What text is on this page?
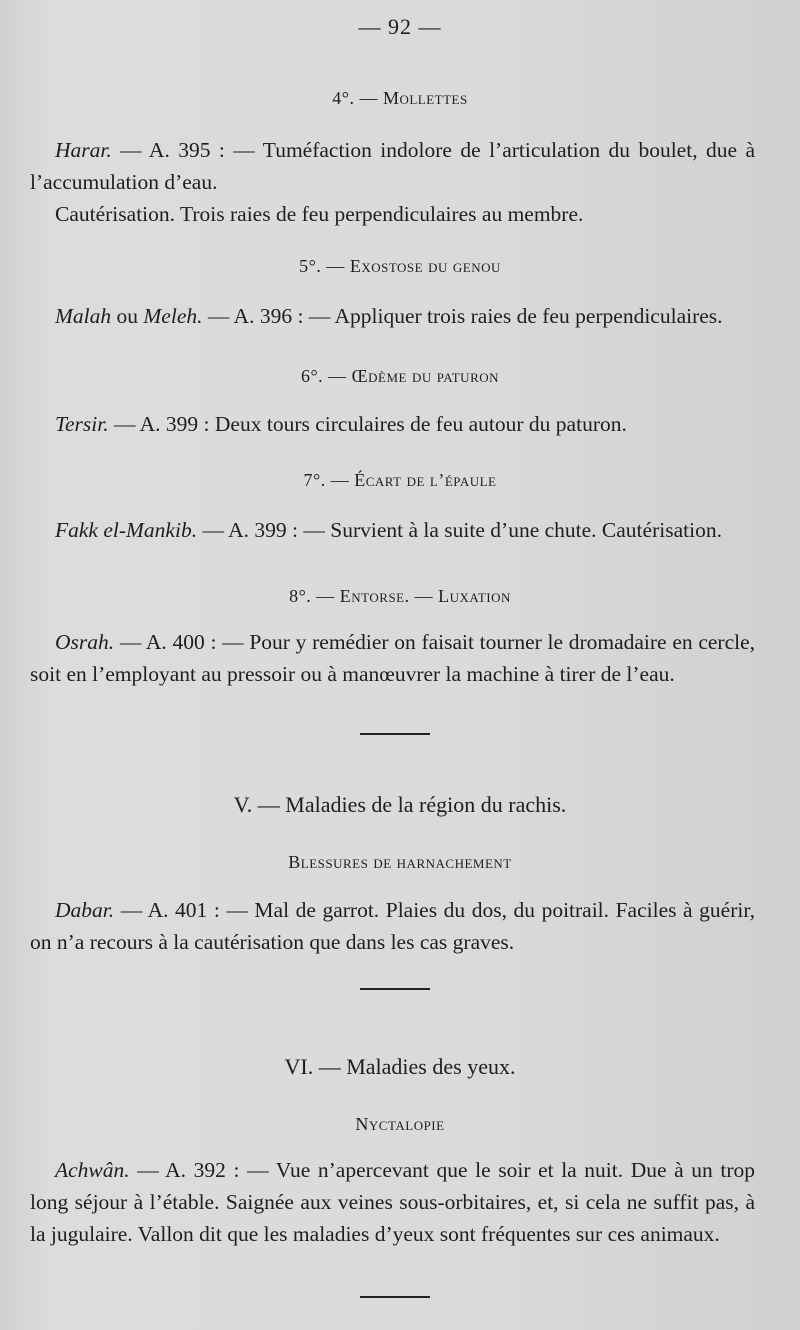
— 92 —
4°. — Mollettes
Harar. — A. 395 : — Tuméfaction indolore de l’articulation du boulet, due à l’accumulation d’eau.
Cautérisation. Trois raies de feu perpendiculaires au membre.
5°. — Exostose du genou
Malah ou Meleh. — A. 396 : — Appliquer trois raies de feu perpendiculaires.
6°. — Œdème du paturon
Tersir. — A. 399 : Deux tours circulaires de feu autour du paturon.
7°. — Écart de l’épaule
Fakk el-Mankib. — A. 399 : — Survient à la suite d’une chute. Cautérisation.
8°. — Entorse. — Luxation
Osrah. — A. 400 : — Pour y remédier on faisait tourner le dromadaire en cercle, soit en l’employant au pressoir ou à manœuvrer la machine à tirer de l’eau.
V. — Maladies de la région du rachis.
Blessures de harnachement
Dabar. — A. 401 : — Mal de garrot. Plaies du dos, du poitrail. Faciles à guérir, on n’a recours à la cautérisation que dans les cas graves.
VI. — Maladies des yeux.
Nyctalopie
Achwân. — A. 392 : — Vue n’apercevant que le soir et la nuit. Due à un trop long séjour à l’étable. Saignée aux veines sous-orbitaires, et, si cela ne suffit pas, à la jugulaire. Vallon dit que les maladies d’yeux sont fréquentes sur ces animaux.
